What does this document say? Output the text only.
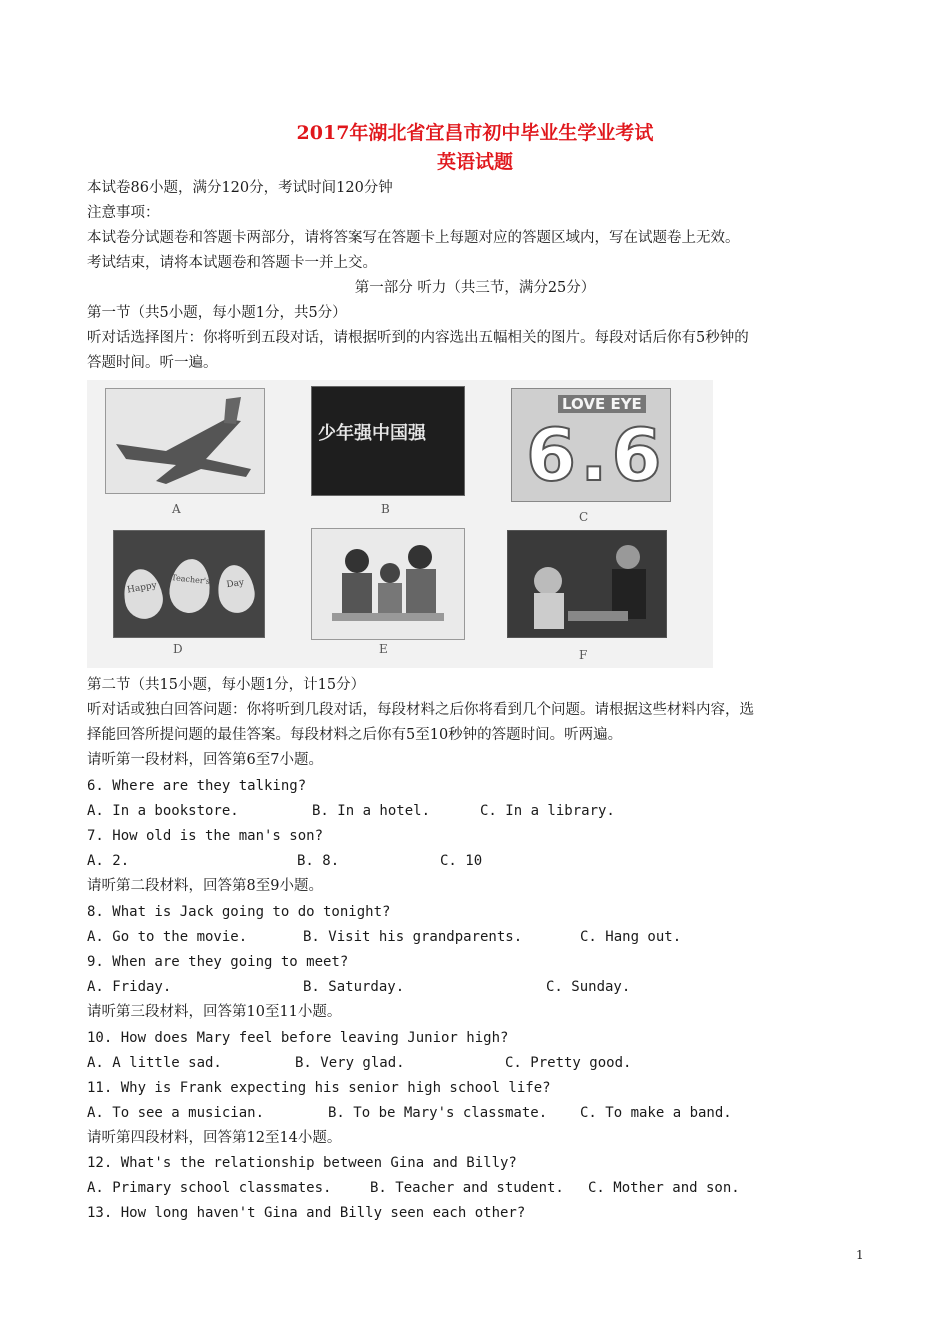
2017年湖北省宜昌市初中毕业生学业考试
英语试题
本试卷86小题，满分120分，考试时间120分钟
注意事项：
本试卷分试题卷和答题卡两部分，请将答案写在答题卡上每题对应的答题区域内，写在试题卷上无效。
考试结束，请将本试题卷和答题卡一并上交。
第一部分 听力（共三节，满分25分）
第一节（共5小题，每小题1分，共5分）
听对话选择图片：你将听到五段对话，请根据听到的内容选出五幅相关的图片。每段对话后你有5秒钟的
答题时间。听一遍。
A
少年强中国强
B
LOVE EYE
6.6
C
Happy
Teacher's	Day
D	E	F
第二节（共15小题，每小题1分，计15分）
听对话或独白回答问题：你将听到几段对话，每段材料之后你将看到几个问题。请根据这些材料内容，选
择能回答所提问题的最佳答案。每段材料之后你有5至10秒钟的答题时间。听两遍。
请听第一段材料，回答第6至7小题。
6. Where are they talking?
A. In a bookstore.	B. In a hotel.	C. In a library.
7. How old is the man's son?
A. 2.	B. 8.	C. 10
请听第二段材料，回答第8至9小题。
8. What is Jack going to do tonight?
A. Go to the movie.	B. Visit his grandparents.	C. Hang out.
9. When are they going to meet?
A. Friday.	B. Saturday.	C. Sunday.
请听第三段材料，回答第10至11小题。
10. How does Mary feel before leaving Junior high?
A. A little sad.	B. Very glad.	C. Pretty good.
11. Why is Frank expecting his senior high school life?
A. To see a musician.	B. To be Mary's classmate. C. To make a band.
请听第四段材料，回答第12至14小题。
12. What's the relationship between Gina and Billy?
A. Primary school classmates.	B. Teacher and student. C. Mother and son.
13. How long haven't Gina and Billy seen each other?
1
